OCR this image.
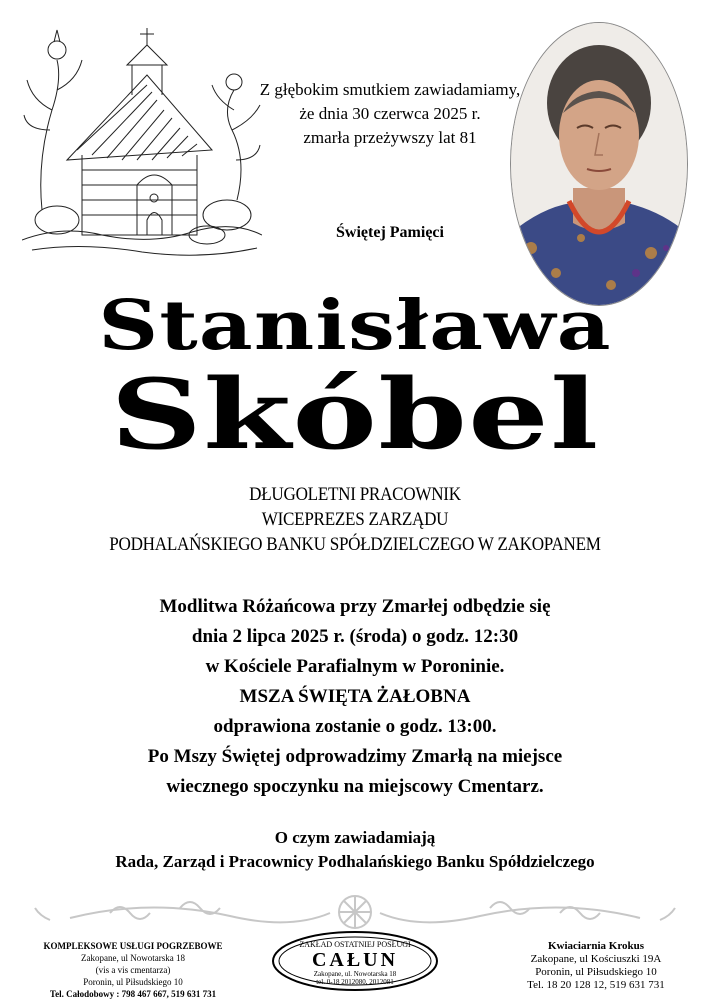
Z głębokim smutkiem zawiadamiamy,
że dnia 30 czerwca 2025 r.
zmarła przeżywszy lat 81
Świętej Pamięci
Stanisława
Skóbel
DŁUGOLETNI PRACOWNIK
WICEPREZES ZARZĄDU
PODHALAŃSKIEGO BANKU SPÓŁDZIELCZEGO W ZAKOPANEM
Modlitwa Różańcowa przy Zmarłej odbędzie się
dnia 2 lipca 2025 r. (środa) o godz. 12:30
w Kościele Parafialnym w Poroninie.
MSZA ŚWIĘTA ŻAŁOBNA
odprawiona zostanie o godz. 13:00.
Po Mszy Świętej odprowadzimy Zmarłą na miejsce
wiecznego spoczynku na miejscowy Cmentarz.
O czym zawiadamiają
Rada, Zarząd i Pracownicy Podhalańskiego Banku Spółdzielczego
KOMPLEKSOWE USŁUGI POGRZEBOWE
Zakopane, ul Nowotarska 18
(vis a vis cmentarza)
Poronin, ul Piłsudskiego 10
Tel. Całodobowy : 798 467 667, 519 631 731
ZAKŁAD OSTATNIEJ POSŁUGI
CAŁUN
Zakopane, ul. Nowotarska 18
tel. 0-18 2012080, 2012081
Kwiaciarnia Krokus
Zakopane, ul Kościuszki 19A
Poronin, ul Piłsudskiego 10
Tel. 18 20 128 12, 519 631 731
